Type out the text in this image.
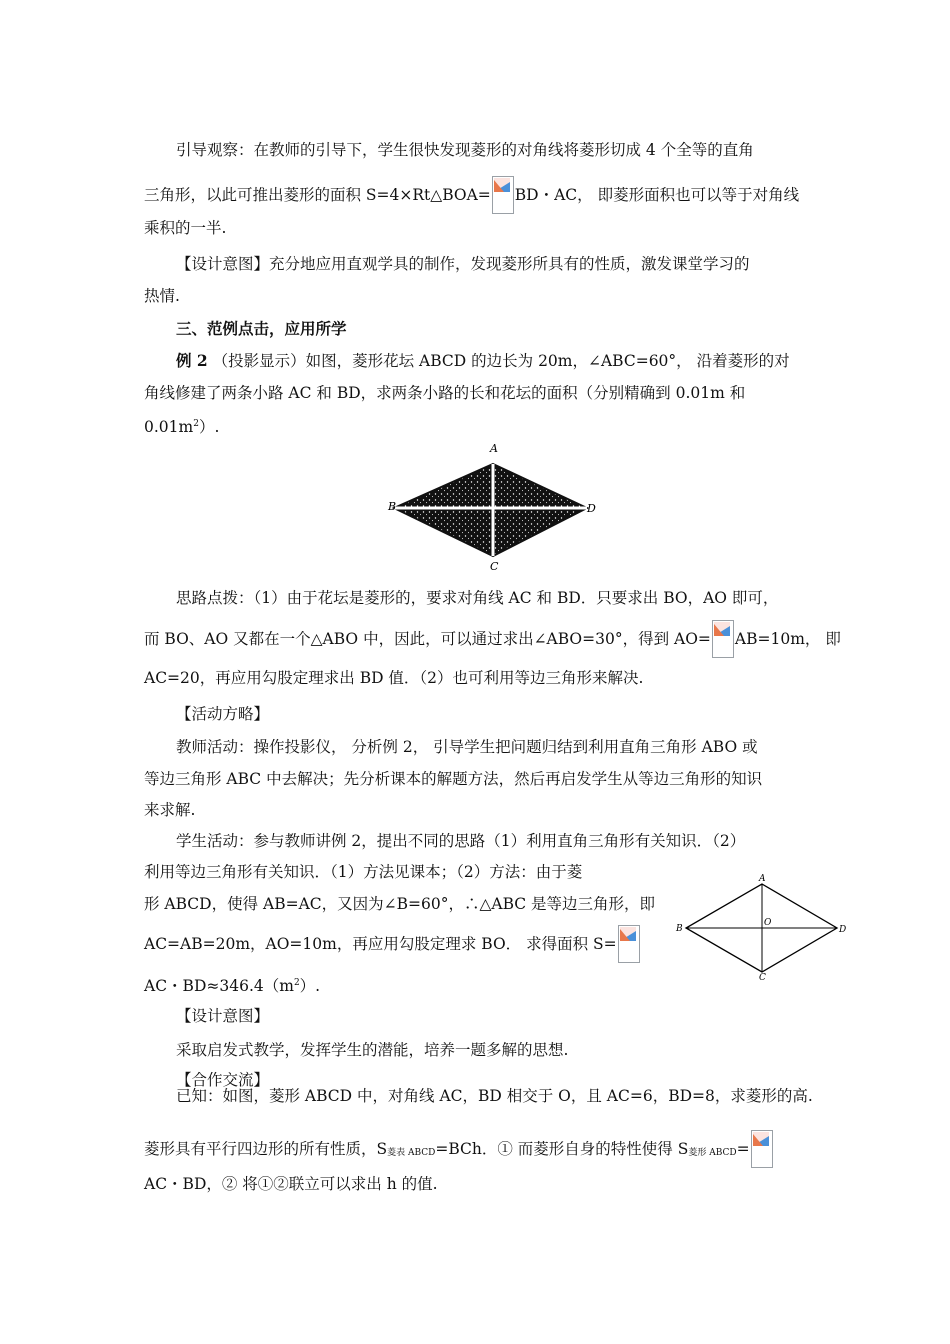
引导观察：在教师的引导下，学生很快发现菱形的对角线将菱形切成 4 个全等的直角
三角形，以此可推出菱形的面积 S=4×Rt△BOA= BD・AC， 即菱形面积也可以等于对角线
乘积的一半.
【设计意图】充分地应用直观学具的制作，发现菱形所具有的性质，激发课堂学习的
热情.
三、范例点击，应用所学
例 2 （投影显示）如图，菱形花坛 ABCD 的边长为 20m，∠ABC=60°， 沿着菱形的对
角线修建了两条小路 AC 和 BD，求两条小路的长和花坛的面积（分别精确到 0.01m 和
$0.01m^2$）.
A
B	D
C
思路点拨：（1）由于花坛是菱形的，要求对角线 AC 和 BD．只要求出 BO，AO 即可，
而 BO、AO 又都在一个△ABO 中，因此，可以通过求出∠ABO=30°，得到 AO= AB=10m， 即
AC=20，再应用勾股定理求出 BD 值．（2）也可利用等边三角形来解决.
【活动方略】
教师活动：操作投影仪， 分析例 2， 引导学生把问题归结到利用直角三角形 ABO 或
等边三角形 ABC 中去解决；先分析课本的解题方法，然后再启发学生从等边三角形的知识
来求解.
学生活动：参与教师讲例 2，提出不同的思路（1）利用直角三角形有关知识．（2）
利用等边三角形有关知识．（1）方法见课本；（2）方法：由于菱
形 ABCD，使得 AB=AC，又因为∠B=60°，∴△ABC 是等边三角形，即
AC=AB=20m，AO=10m，再应用勾股定理求 BO． 求得面积 S=
AC・$BD\approx 346.4(m^2)$.
A
B	D
C
O
【设计意图】
采取启发式教学，发挥学生的潜能，培养一题多解的思想.
【合作交流】
已知：如图，菱形 ABCD 中，对角线 AC，BD 相交于 O，且 AC=6，BD=8，求菱形的高.
菱形具有平行四边形的所有性质，S菱表 ABCD=BCh．① 而菱形自身的特性使得 S菱形 ABCD=
AC・BD，② 将①②联立可以求出 h 的值.
